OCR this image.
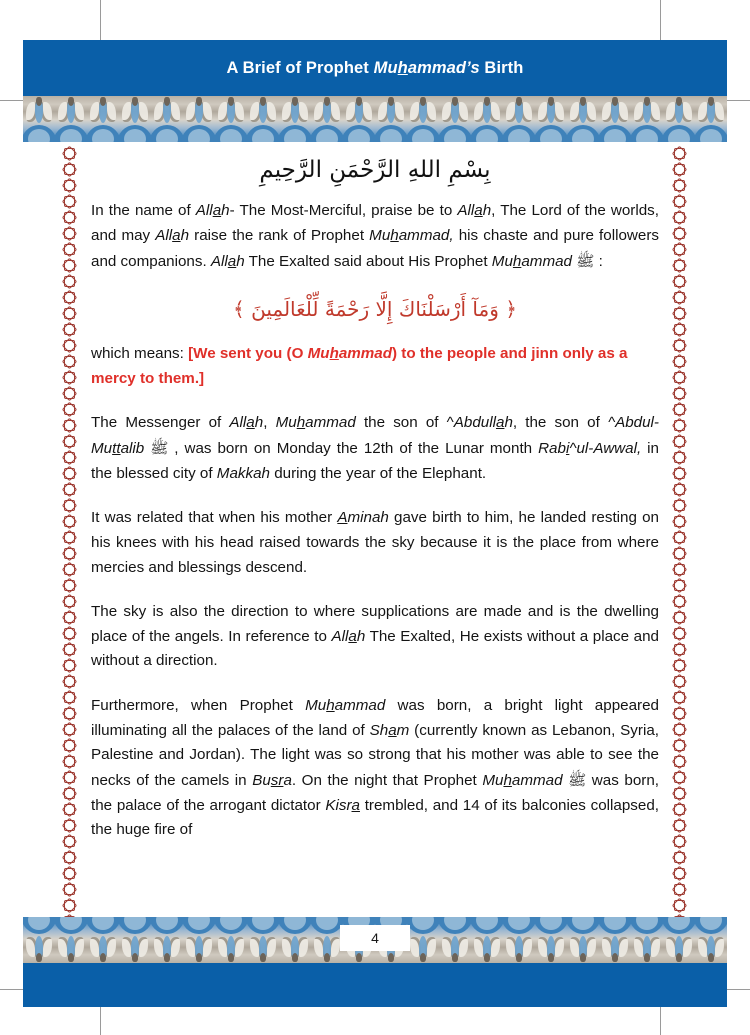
A Brief of Prophet Muhammad’s Birth
بِسْمِ اللهِ الرَّحْمَنِ الرَّحِيمِ

In the name of Allah- The Most-Merciful, praise be to Allah, The Lord of the worlds, and may Allah raise the rank of Prophet Muhammad, his chaste and pure followers and companions. Allah The Exalted said about His Prophet Muhammad ﷺ :

﴿ وَمَآ أَرْسَلْنَاكَ إِلَّا رَحْمَةً لِّلْعَالَمِينَ ﴾

which means: [We sent you (O Muhammad) to the people and jinn only as a mercy to them.]

The Messenger of Allah, Muhammad the son of ^Abdullah, the son of ^Abdul-Muttalib ﷺ , was born on Monday the 12th of the Lunar month Rabi^ul-Awwal, in the blessed city of Makkah during the year of the Elephant.

It was related that when his mother Aminah gave birth to him, he landed resting on his knees with his head raised towards the sky because it is the place from where mercies and blessings descend.

The sky is also the direction to where supplications are made and is the dwelling place of the angels. In reference to Allah The Exalted, He exists without a place and without a direction.

Furthermore, when Prophet Muhammad was born, a bright light appeared illuminating all the palaces of the land of Sham (currently known as Lebanon, Syria, Palestine and Jordan). The light was so strong that his mother was able to see the necks of the camels in Busra. On the night that Prophet Muhammad ﷺ was born, the palace of the arrogant dictator Kisra trembled, and 14 of its balconies collapsed, the huge fire of

4
